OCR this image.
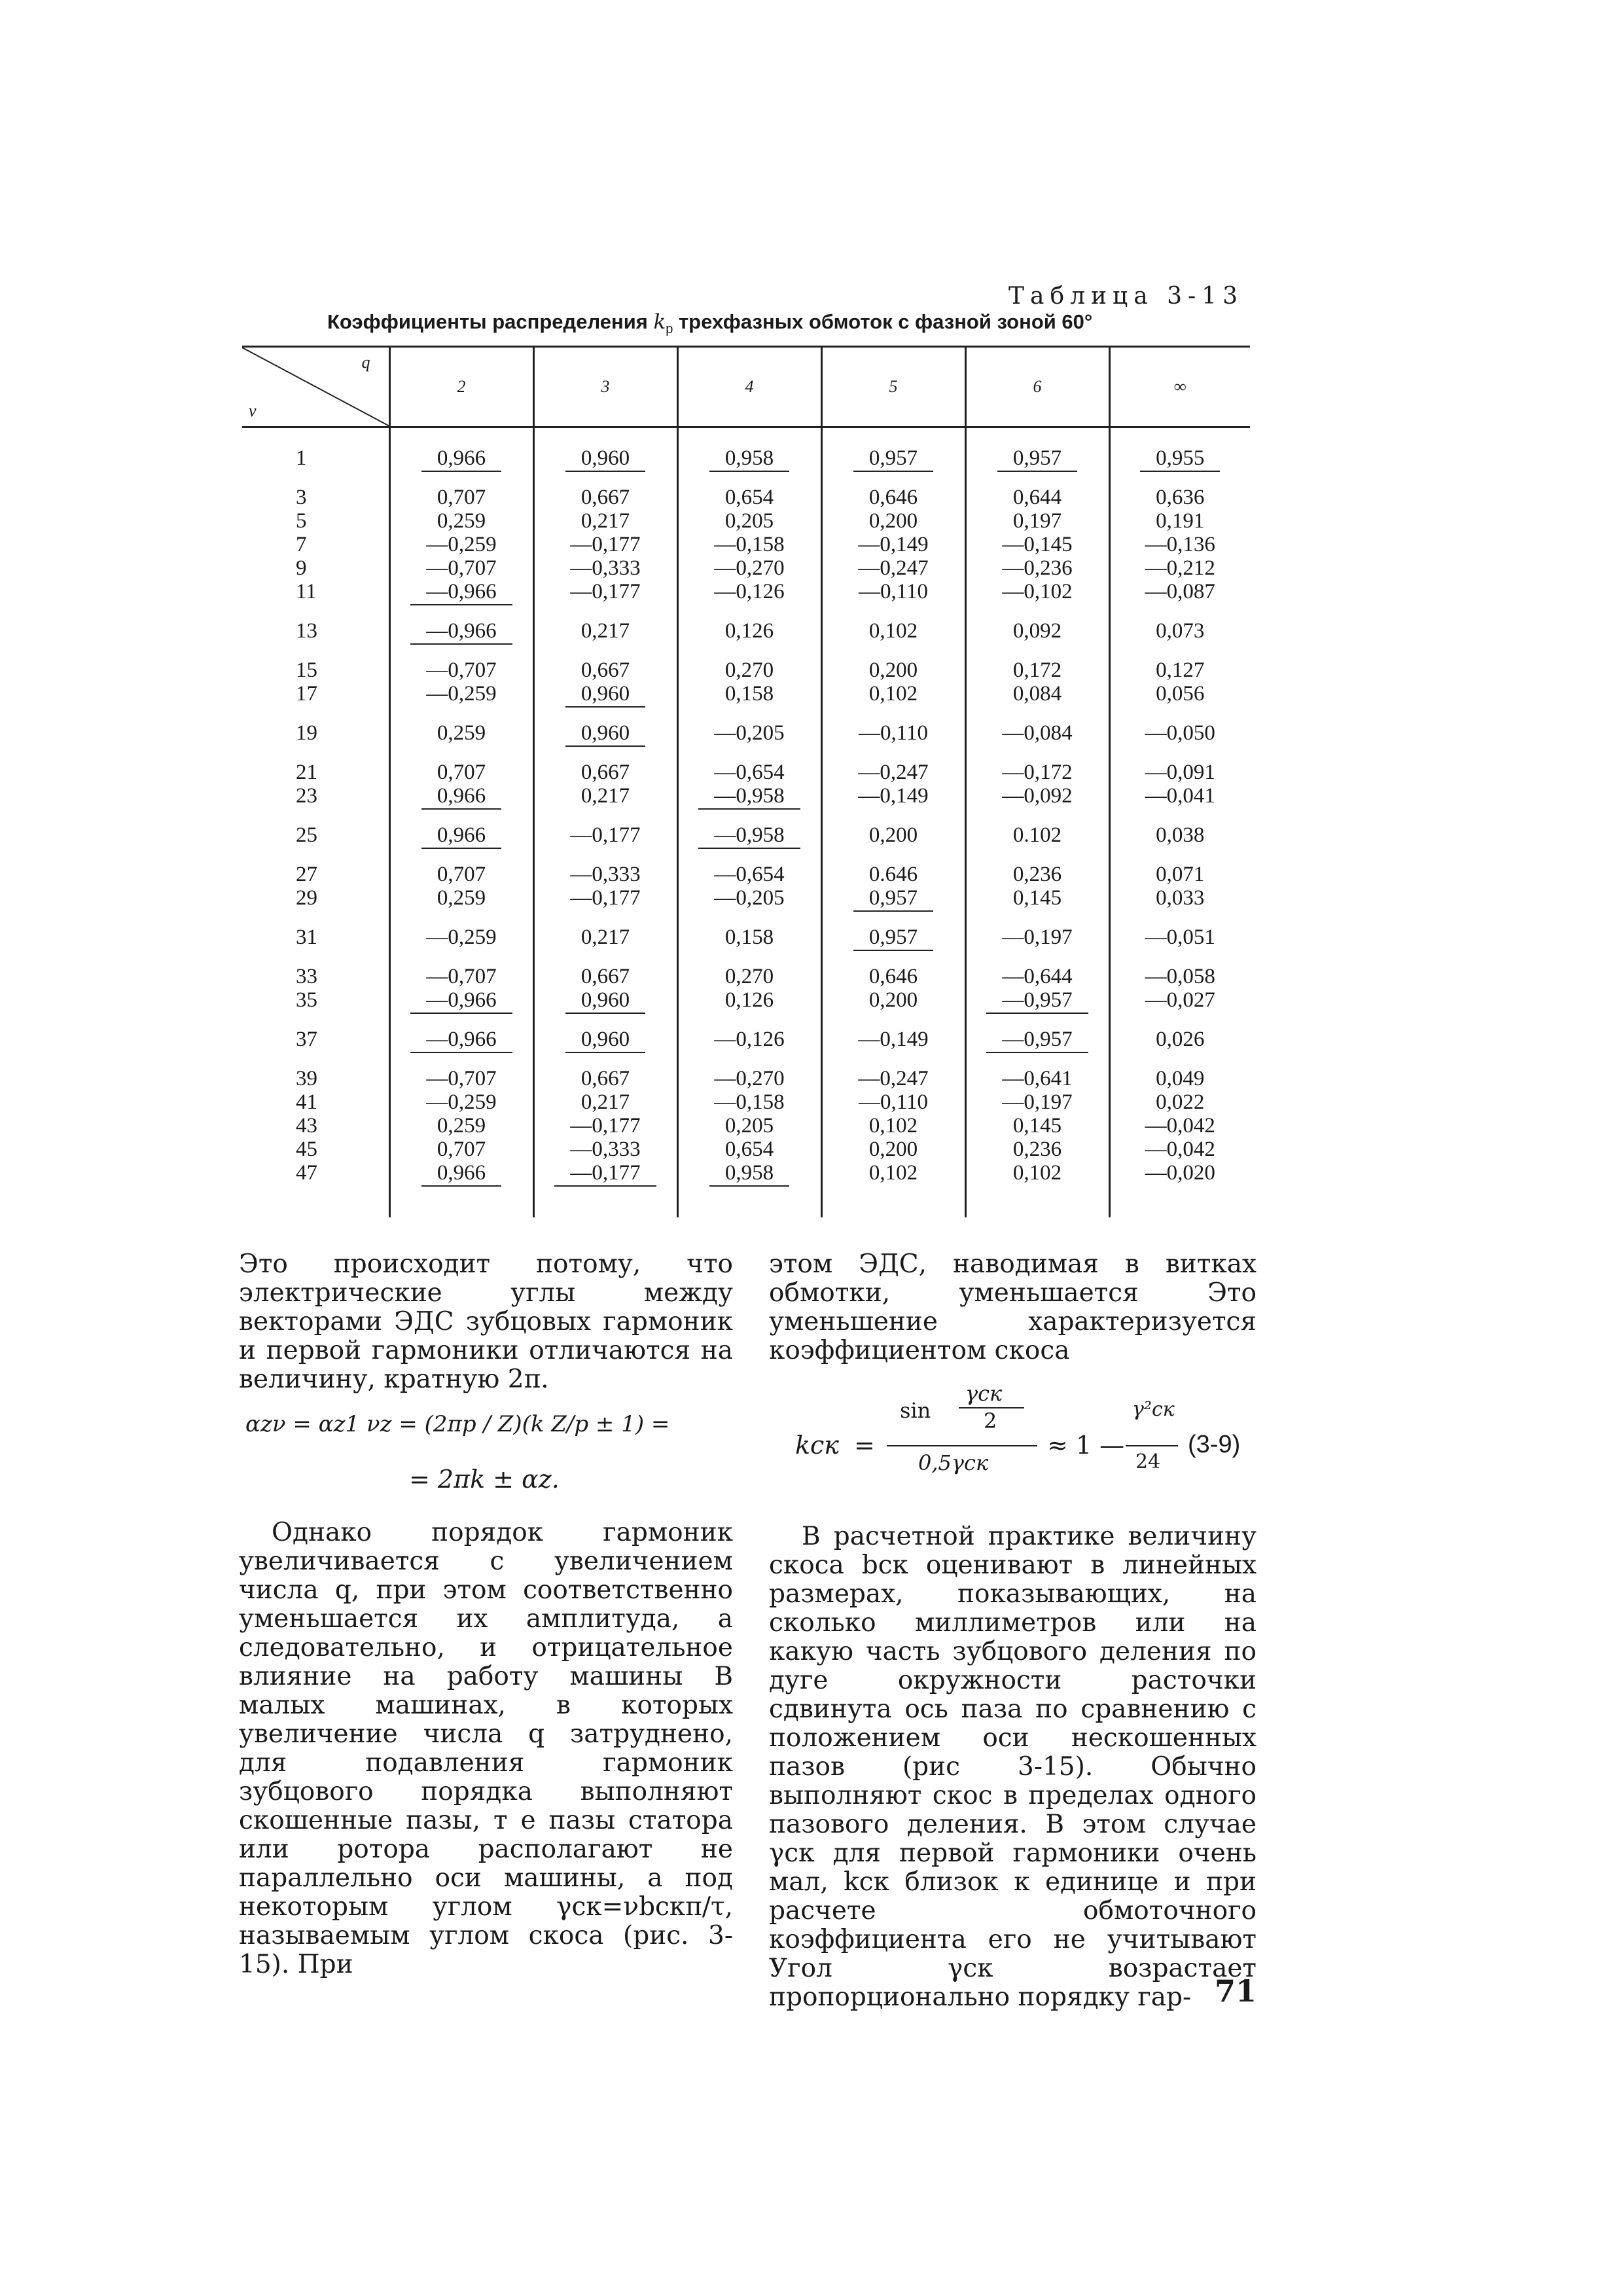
Таблица 3-13
Коэффициенты распределения $k_p$ трехфазных обмоток с фазной зоной 60°
q
ν	2	3	4	5	6	∞

1	0,966	0,960	0,958	0,957	0,957	0,955

3	0,707	0,667	0,654	0,646	0,644	0,636
5	0,259	0,217	0,205	0,200	0,197	0,191
7	—0,259	—0,177	—0,158	—0,149	—0,145	—0,136
9	—0,707	—0,333	—0,270	—0,247	—0,236	—0,212
11	—0,966	—0,177	—0,126	—0,110	—0,102	—0,087

13	—0,966	0,217	0,126	0,102	0,092	0,073

15	—0,707	0,667	0,270	0,200	0,172	0,127
17	—0,259	0,960	0,158	0,102	0,084	0,056

19	0,259	0,960	—0,205	—0,110	—0,084	—0,050

21	0,707	0,667	—0,654	—0,247	—0,172	—0,091
23	0,966	0,217	—0,958	—0,149	—0,092	—0,041

25	0,966	—0,177	—0,958	0,200	0.102	0,038

27	0,707	—0,333	—0,654	0.646	0,236	0,071
29	0,259	—0,177	—0,205	0,957	0,145	0,033

31	—0,259	0,217	0,158	0,957	—0,197	—0,051

33	—0,707	0,667	0,270	0,646	—0,644	—0,058
35	—0,966	0,960	0,126	0,200	—0,957	—0,027

37	—0,966	0,960	—0,126	—0,149	—0,957	0,026

39	—0,707	0,667	—0,270	—0,247	—0,641	0,049
41	—0,259	0,217	—0,158	—0,110	—0,197	0,022
43	0,259	—0,177	0,205	0,102	0,145	—0,042
45	0,707	—0,333	0,654	0,200	0,236	—0,042
47	0,966	—0,177	0,958	0,102	0,102	—0,020

Это происходит потому, что электрические углы между векторами ЭДС зубцовых гармоник и первой гармоники отличаются на величину, кратную 2π.

αzν = αz1 νz = (2πp / Z)(k Z/p ± 1) =
= 2πk ± αz.

Однако порядок гармоник увеличивается с увеличением числа q, при этом соответственно уменьшается их амплитуда, а следовательно, и отрицательное влияние на работу машины В малых машинах, в которых увеличение числа q затруднено, для подавления гармоник зубцового порядка выполняют скошенные пазы, т е пазы статора или ротора располагают не параллельно оси машины, а под некоторым углом γск=νbскπ/τ, называемым углом скоса (рис. 3-15). При

этом ЭДС, наводимая в витках обмотки, уменьшается Это уменьшение характеризуется коэффициентом скоса

kск =
sin
γск
2
0,5γск
≈ 1 —
γ²ск
24
(3-9)

В расчетной практике величину скоса bск оценивают в линейных размерах, показывающих, на сколько миллиметров или на какую часть зубцового деления по дуге окружности расточки сдвинута ось паза по сравнению с положением оси нескошенных пазов (рис 3-15). Обычно выполняют скос в пределах одного пазового деления. В этом случае γск для первой гармоники очень мал, kск близок к единице и при расчете обмоточного коэффициента его не учитывают Угол γск возрастает пропорционально порядку гар- 71
